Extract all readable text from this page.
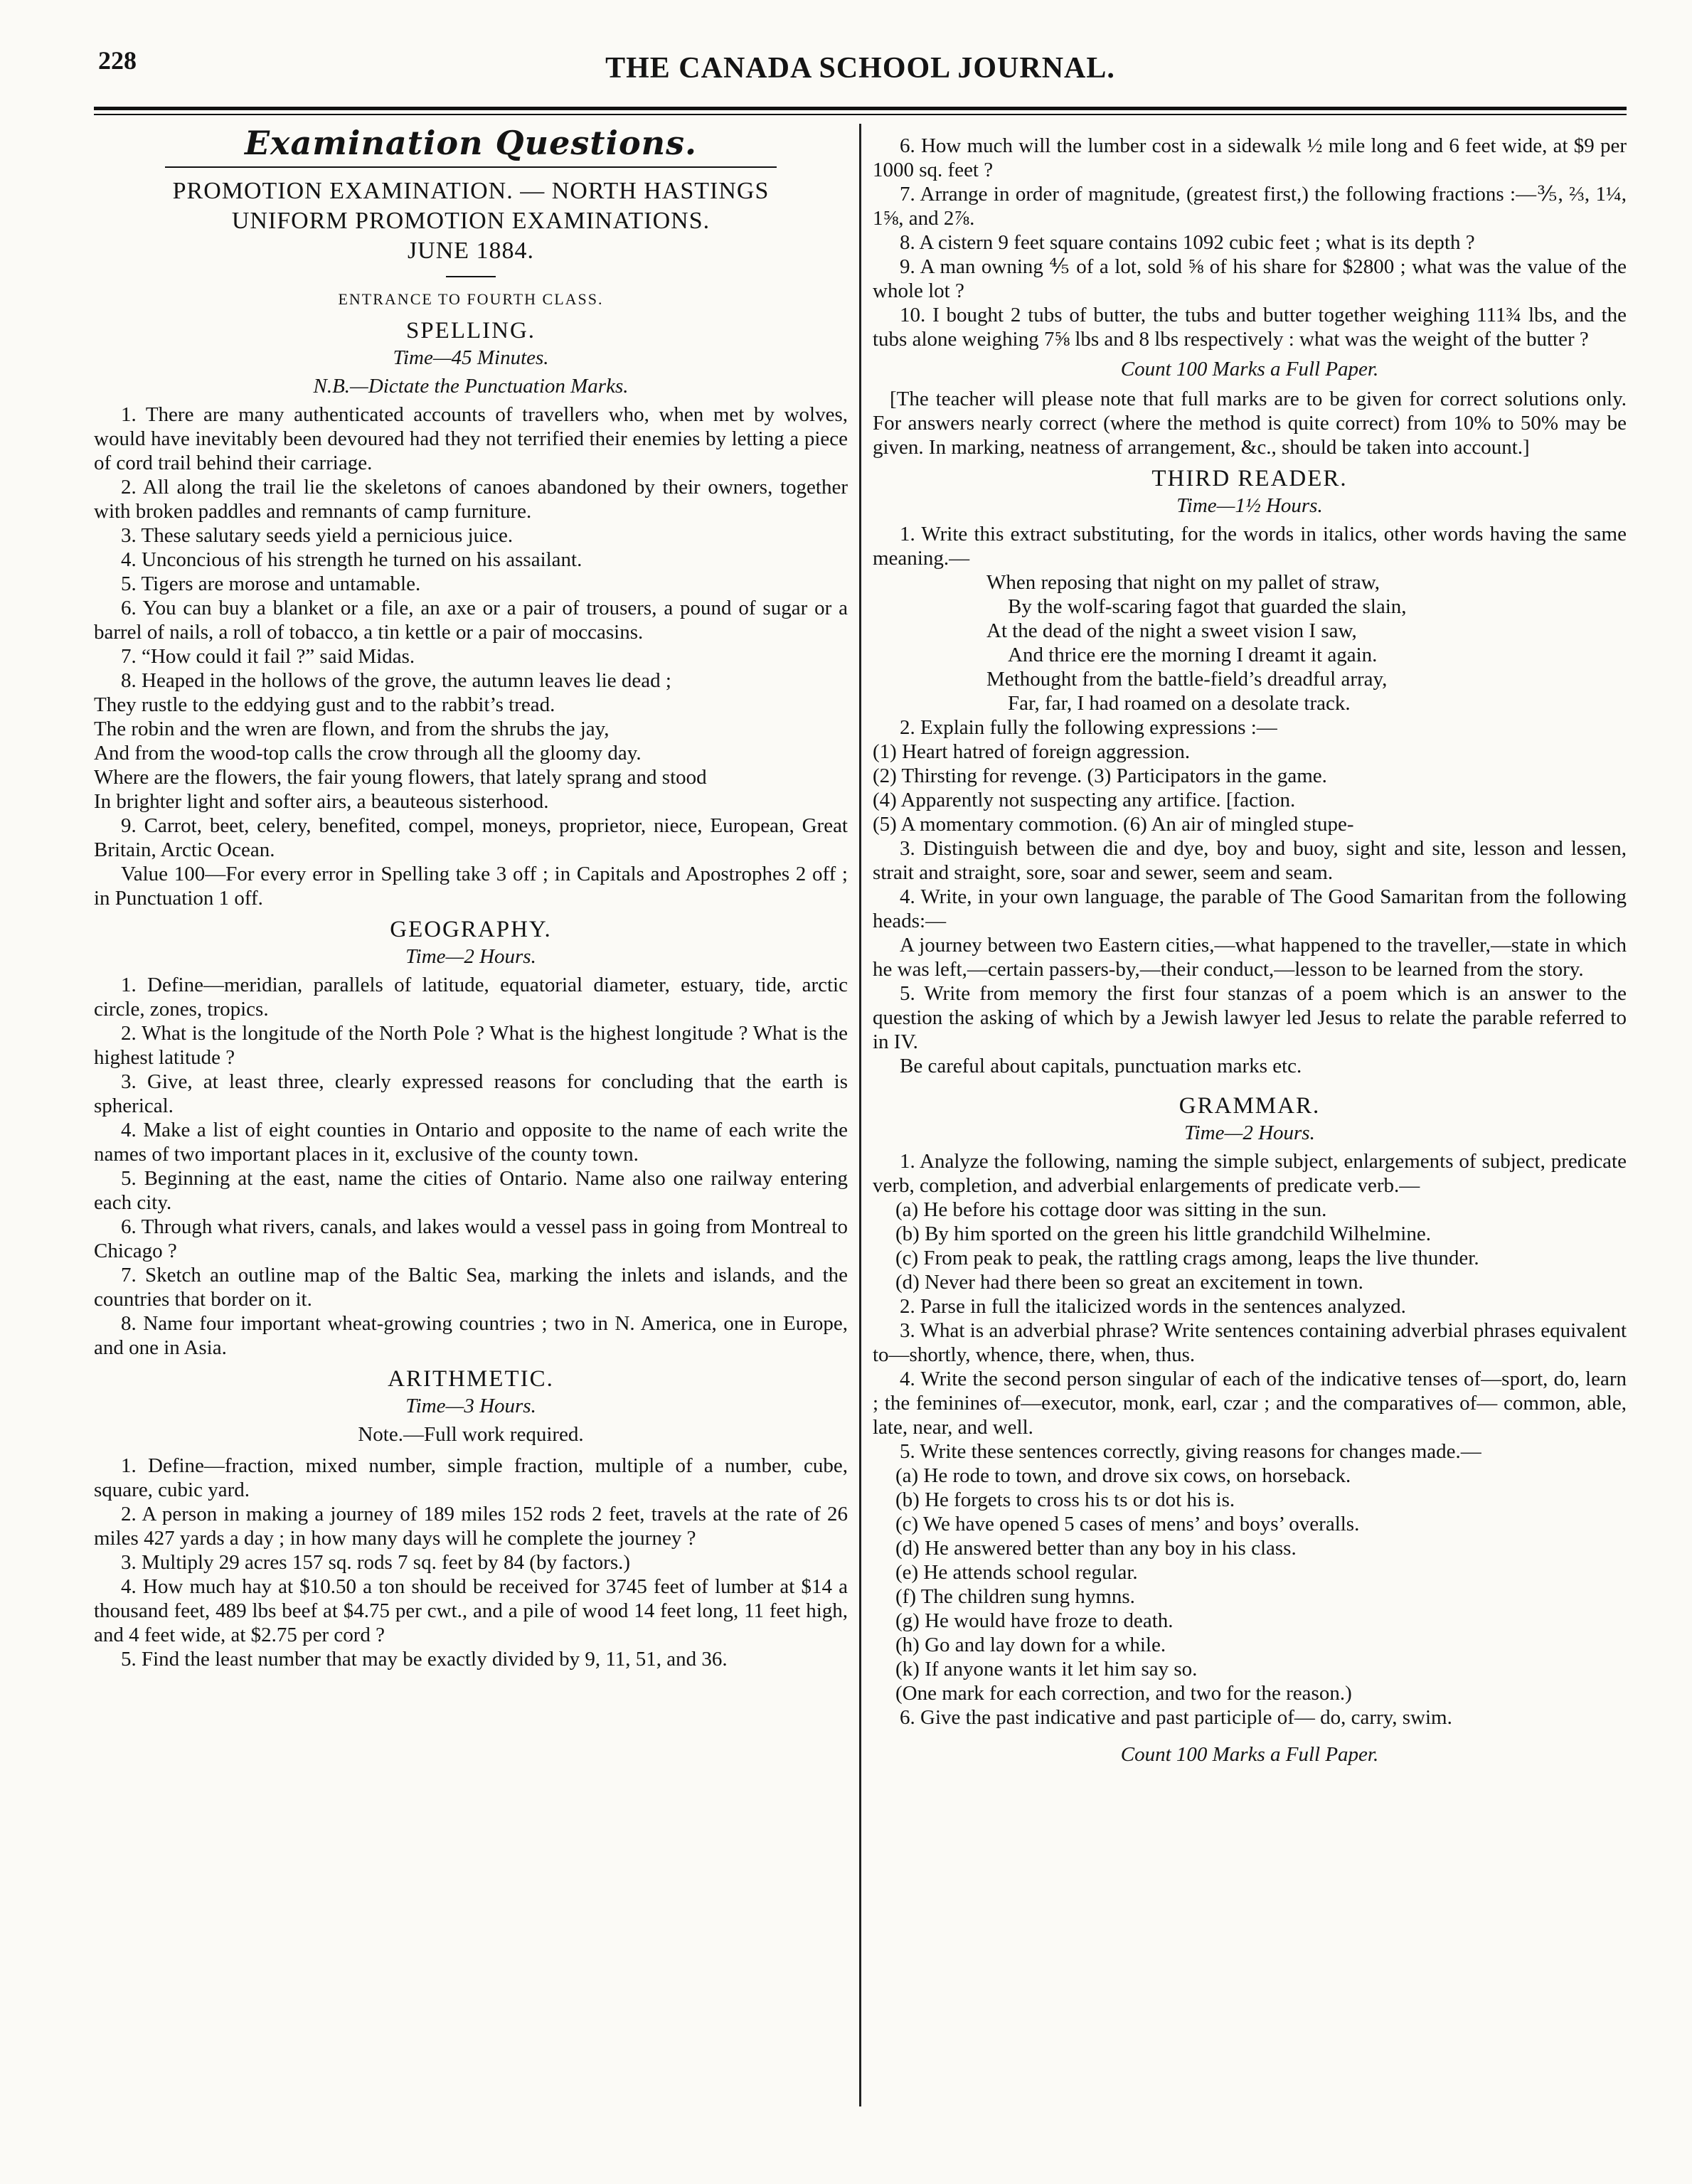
228	THE CANADA SCHOOL JOURNAL.
Examination Questions.
PROMOTION EXAMINATION. — NORTH HASTINGS
UNIFORM PROMOTION EXAMINATIONS.
JUNE 1884.
ENTRANCE TO FOURTH CLASS.
SPELLING.
Time—45 Minutes.
N.B.—Dictate the Punctuation Marks.

1. There are many authenticated accounts of travellers who, when met by wolves, would have inevitably been devoured had they not terrified their enemies by letting a piece of cord trail behind their carriage.

2. All along the trail lie the skeletons of canoes abandoned by their owners, together with broken paddles and remnants of camp furniture.

3. These salutary seeds yield a pernicious juice.

4. Unconcious of his strength he turned on his assailant.

5. Tigers are morose and untamable.

6. You can buy a blanket or a file, an axe or a pair of trousers, a pound of sugar or a barrel of nails, a roll of tobacco, a tin kettle or a pair of moccasins.

7. “How could it fail ?” said Midas.

8. Heaped in the hollows of the grove, the autumn leaves lie dead ;

They rustle to the eddying gust and to the rabbit’s tread.

The robin and the wren are flown, and from the shrubs the jay,

And from the wood-top calls the crow through all the gloomy day.

Where are the flowers, the fair young flowers, that lately sprang and stood

In brighter light and softer airs, a beauteous sisterhood.

9. Carrot, beet, celery, benefited, compel, moneys, proprietor, niece, European, Great Britain, Arctic Ocean.

Value 100—For every error in Spelling take 3 off ; in Capitals and Apostrophes 2 off ; in Punctuation 1 off.

GEOGRAPHY.
Time—2 Hours.

1. Define—meridian, parallels of latitude, equatorial diameter, estuary, tide, arctic circle, zones, tropics.

2. What is the longitude of the North Pole ? What is the highest longitude ? What is the highest latitude ?

3. Give, at least three, clearly expressed reasons for concluding that the earth is spherical.

4. Make a list of eight counties in Ontario and opposite to the name of each write the names of two important places in it, exclusive of the county town.

5. Beginning at the east, name the cities of Ontario. Name also one railway entering each city.

6. Through what rivers, canals, and lakes would a vessel pass in going from Montreal to Chicago ?

7. Sketch an outline map of the Baltic Sea, marking the inlets and islands, and the countries that border on it.

8. Name four important wheat-growing countries ; two in N. America, one in Europe, and one in Asia.

ARITHMETIC.
Time—3 Hours.
Note.—Full work required.

1. Define—fraction, mixed number, simple fraction, multiple of a number, cube, square, cubic yard.

2. A person in making a journey of 189 miles 152 rods 2 feet, travels at the rate of 26 miles 427 yards a day ; in how many days will he complete the journey ?

3. Multiply 29 acres 157 sq. rods 7 sq. feet by 84 (by factors.)

4. How much hay at $10.50 a ton should be received for 3745 feet of lumber at $14 a thousand feet, 489 lbs beef at $4.75 per cwt., and a pile of wood 14 feet long, 11 feet high, and 4 feet wide, at $2.75 per cord ?

5. Find the least number that may be exactly divided by 9, 11, 51, and 36.

6. How much will the lumber cost in a sidewalk ½ mile long and 6 feet wide, at $9 per 1000 sq. feet ?

7. Arrange in order of magnitude, (greatest first,) the following fractions :—⅗, ⅔, 1¼, 1⅝, and 2⅞.

8. A cistern 9 feet square contains 1092 cubic feet ; what is its depth ?

9. A man owning ⅘ of a lot, sold ⅝ of his share for $2800 ; what was the value of the whole lot ?

10. I bought 2 tubs of butter, the tubs and butter together weighing 111¾ lbs, and the tubs alone weighing 7⅝ lbs and 8 lbs respectively : what was the weight of the butter ?

Count 100 Marks a Full Paper.

[The teacher will please note that full marks are to be given for correct solutions only. For answers nearly correct (where the method is quite correct) from 10% to 50% may be given. In marking, neatness of arrangement, &c., should be taken into account.]

THIRD READER.
Time—1½ Hours.

1. Write this extract substituting, for the words in italics, other words having the same meaning.—

When reposing that night on my pallet of straw,

By the wolf-scaring fagot that guarded the slain,

At the dead of the night a sweet vision I saw,

And thrice ere the morning I dreamt it again.

Methought from the battle-field’s dreadful array,

Far, far, I had roamed on a desolate track.

2. Explain fully the following expressions :—

(1) Heart hatred of foreign aggression.

(2) Thirsting for revenge. (3) Participators in the game.

(4) Apparently not suspecting any artifice. [faction.

(5) A momentary commotion. (6) An air of mingled stupe-

3. Distinguish between die and dye, boy and buoy, sight and site, lesson and lessen, strait and straight, sore, soar and sewer, seem and seam.

4. Write, in your own language, the parable of The Good Samaritan from the following heads:—

A journey between two Eastern cities,—what happened to the traveller,—state in which he was left,—certain passers-by,—their conduct,—lesson to be learned from the story.

5. Write from memory the first four stanzas of a poem which is an answer to the question the asking of which by a Jewish lawyer led Jesus to relate the parable referred to in IV.

Be careful about capitals, punctuation marks etc.

GRAMMAR.
Time—2 Hours.

1. Analyze the following, naming the simple subject, enlargements of subject, predicate verb, completion, and adverbial enlargements of predicate verb.—

(a) He before his cottage door was sitting in the sun.

(b) By him sported on the green his little grandchild Wilhelmine.

(c) From peak to peak, the rattling crags among, leaps the live thunder.

(d) Never had there been so great an excitement in town.

2. Parse in full the italicized words in the sentences analyzed.

3. What is an adverbial phrase? Write sentences containing adverbial phrases equivalent to—shortly, whence, there, when, thus.

4. Write the second person singular of each of the indicative tenses of—sport, do, learn ; the feminines of—executor, monk, earl, czar ; and the comparatives of— common, able, late, near, and well.

5. Write these sentences correctly, giving reasons for changes made.—

(a) He rode to town, and drove six cows, on horseback.

(b) He forgets to cross his ts or dot his is.

(c) We have opened 5 cases of mens’ and boys’ overalls.

(d) He answered better than any boy in his class.

(e) He attends school regular.

(f) The children sung hymns.

(g) He would have froze to death.

(h) Go and lay down for a while.

(k) If anyone wants it let him say so.

(One mark for each correction, and two for the reason.)

6. Give the past indicative and past participle of— do, carry, swim.

Count 100 Marks a Full Paper.
